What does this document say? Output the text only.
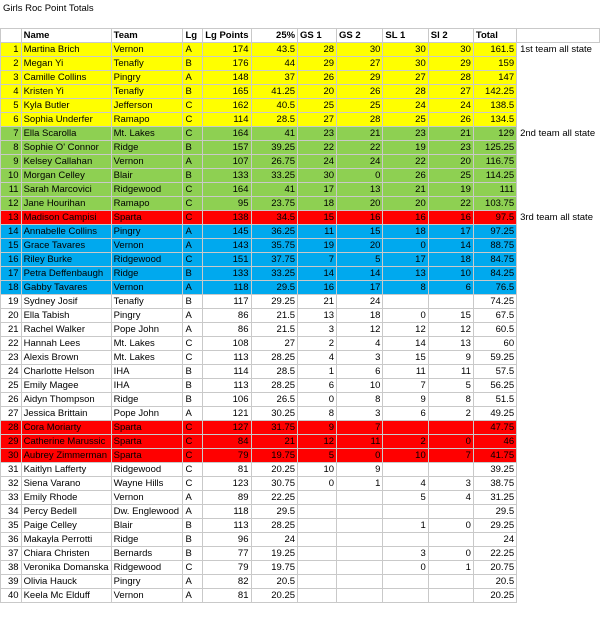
Girls Roc Point Totals
	Name	Team	Lg	Lg Points	25%	GS 1	GS 2	SL 1	Sl 2	Total	
1	Martina Brich	Vernon	A	174	43.5	28	30	30	30	161.5	1st team all state
2	Megan Yi	Tenafly	B	176	44	29	27	30	29	159	
3	Camille Collins	Pingry	A	148	37	26	29	27	28	147	
4	Kristen Yi	Tenafly	B	165	41.25	20	26	28	27	142.25	
5	Kyla Butler	Jefferson	C	162	40.5	25	25	24	24	138.5	
6	Sophia Underfer	Ramapo	C	114	28.5	27	28	25	26	134.5	
7	Ella Scarolla	Mt. Lakes	C	164	41	23	21	23	21	129	2nd team all state
8	Sophie O' Connor	Ridge	B	157	39.25	22	22	19	23	125.25	
9	Kelsey Callahan	Vernon	A	107	26.75	24	24	22	20	116.75	
10	Morgan Celley	Blair	B	133	33.25	30	0	26	25	114.25	
11	Sarah Marcovici	Ridgewood	C	164	41	17	13	21	19	111	
12	Jane Hourihan	Ramapo	C	95	23.75	18	20	20	22	103.75	
13	Madison Campisi	Sparta	C	138	34.5	15	16	16	16	97.5	3rd team all state
14	Annabelle Collins	Pingry	A	145	36.25	11	15	18	17	97.25	
15	Grace Tavares	Vernon	A	143	35.75	19	20	0	14	88.75	
16	Riley Burke	Ridgewood	C	151	37.75	7	5	17	18	84.75	
17	Petra Deffenbaugh	Ridge	B	133	33.25	14	14	13	10	84.25	
18	Gabby Tavares	Vernon	A	118	29.5	16	17	8	6	76.5	
19	Sydney Josif	Tenafly	B	117	29.25	21	24			74.25	
20	Ella Tabish	Pingry	A	86	21.5	13	18	0	15	67.5	
21	Rachel Walker	Pope John	A	86	21.5	3	12	12	12	60.5	
22	Hannah Lees	Mt. Lakes	C	108	27	2	4	14	13	60	
23	Alexis Brown	Mt. Lakes	C	113	28.25	4	3	15	9	59.25	
24	Charlotte Helson	IHA	B	114	28.5	1	6	11	11	57.5	
25	Emily Magee	IHA	B	113	28.25	6	10	7	5	56.25	
26	Aidyn Thompson	Ridge	B	106	26.5	0	8	9	8	51.5	
27	Jessica Brittain	Pope John	A	121	30.25	8	3	6	2	49.25	
28	Cora Moriarty	Sparta	C	127	31.75	9	7			47.75	
29	Catherine Marussic	Sparta	C	84	21	12	11	2	0	46	
30	Aubrey Zimmerman	Sparta	C	79	19.75	5	0	10	7	41.75	
31	Kaitlyn Lafferty	Ridgewood	C	81	20.25	10	9			39.25	
32	Siena Varano	Wayne Hills	C	123	30.75	0	1	4	3	38.75	
33	Emily Rhode	Vernon	A	89	22.25			5	4	31.25	
34	Percy Bedell	Dw. Englewood	A	118	29.5					29.5	
35	Paige Celley	Blair	B	113	28.25			1	0	29.25	
36	Makayla Perrotti	Ridge	B	96	24					24	
37	Chiara Christen	Bernards	B	77	19.25			3	0	22.25	
38	Veronika Domanska	Ridgewood	C	79	19.75			0	1	20.75	
39	Olivia Hauck	Pingry	A	82	20.5					20.5	
40	Keela Mc Elduff	Vernon	A	81	20.25					20.25	
